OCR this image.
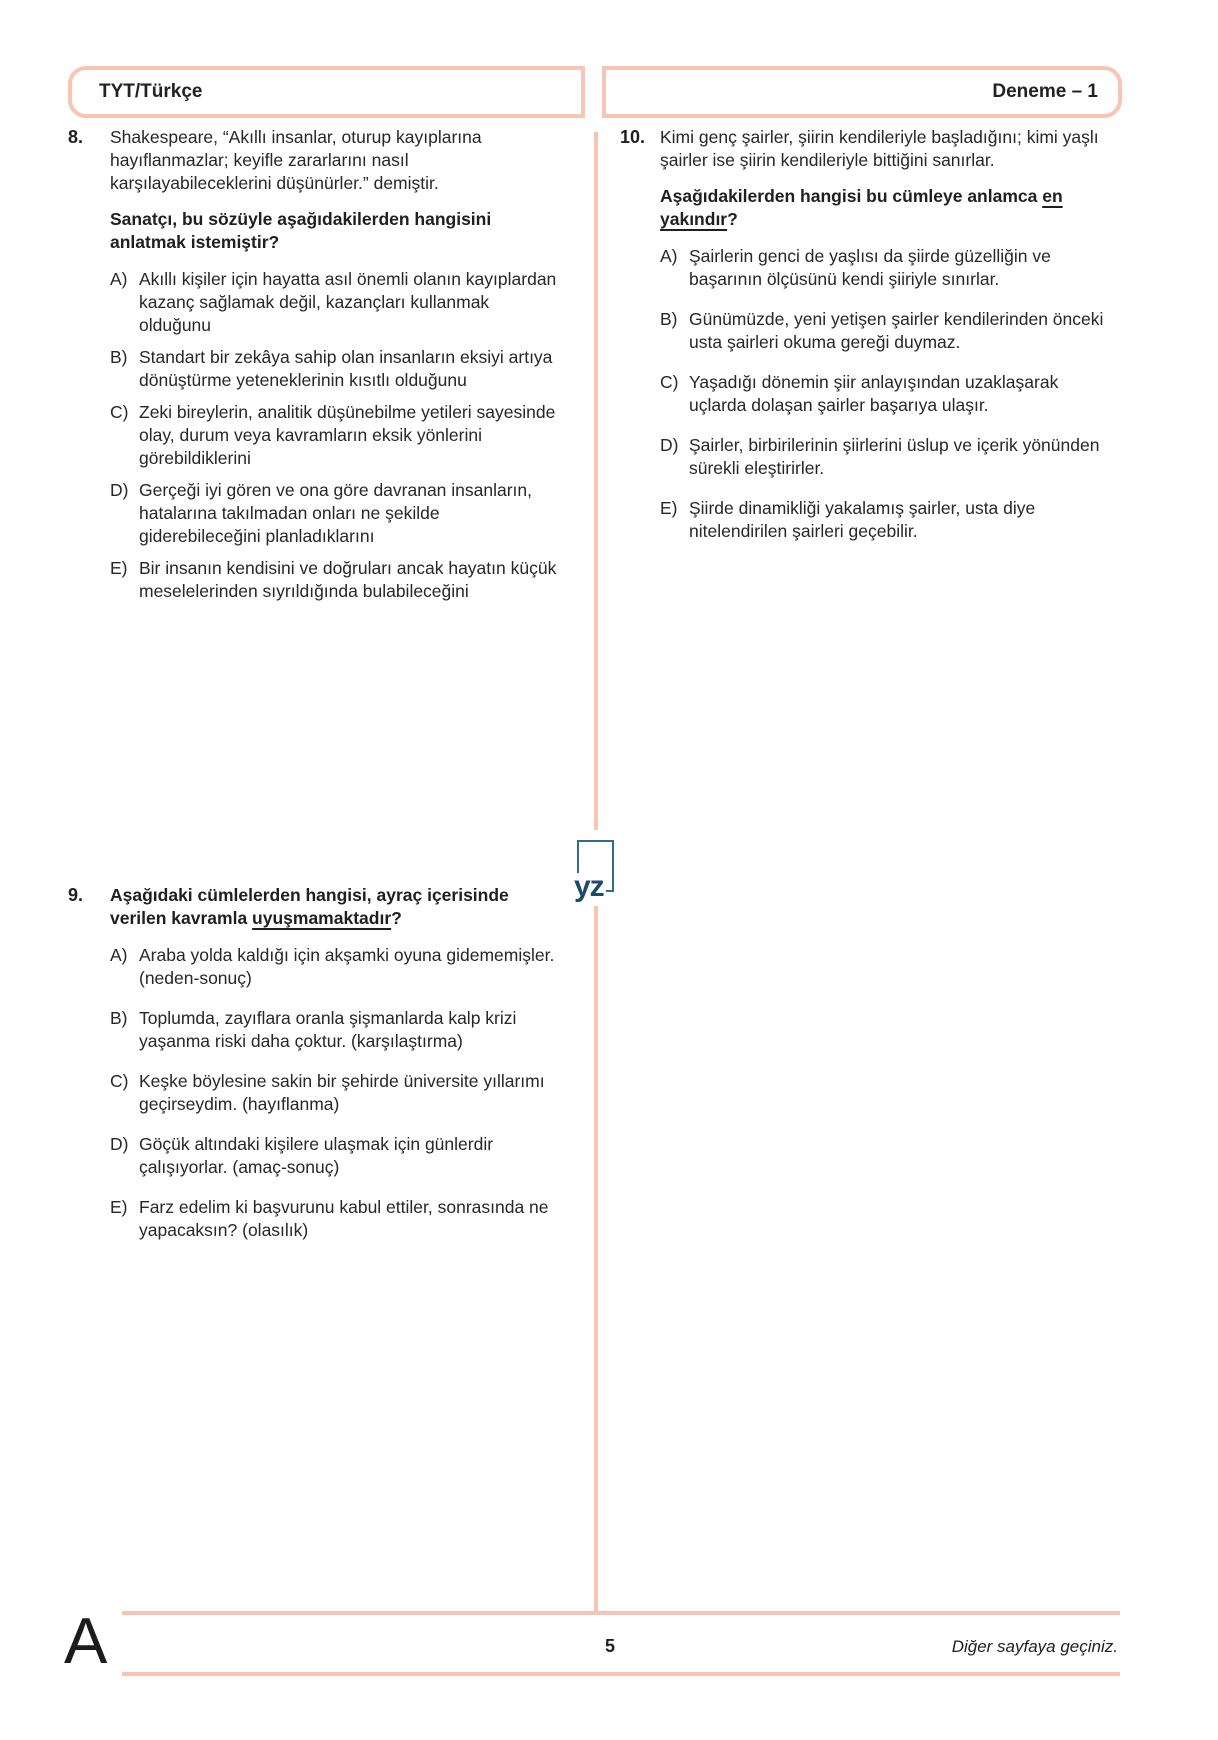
TYT/Türkçe	Deneme – 1
yz
8.	Shakespeare, “Akıllı insanlar, oturup kayıplarına hayıflanmazlar; keyifle zararlarını nasıl karşılayabileceklerini düşünürler.” demiştir.

Sanatçı, bu sözüyle aşağıdakilerden hangisini anlatmak istemiştir?

A) Akıllı kişiler için hayatta asıl önemli olanın kayıplardan kazanç sağlamak değil, kazançları kullanmak olduğunu
B) Standart bir zekâya sahip olan insanların eksiyi artıya dönüştürme yeteneklerinin kısıtlı olduğunu
C) Zeki bireylerin, analitik düşünebilme yetileri sayesinde olay, durum veya kavramların eksik yönlerini görebildiklerini
D) Gerçeği iyi gören ve ona göre davranan insanların, hatalarına takılmadan onları ne şekilde giderebileceğini planladıklarını
E) Bir insanın kendisini ve doğruları ancak hayatın küçük meselelerinden sıyrıldığında bulabileceğini
9.	Aşağıdaki cümlelerden hangisi, ayraç içerisinde verilen kavramla uyuşmamaktadır?

A) Araba yolda kaldığı için akşamki oyuna gidememişler. (neden-sonuç)
B) Toplumda, zayıflara oranla şişmanlarda kalp krizi yaşanma riski daha çoktur. (karşılaştırma)
C) Keşke böylesine sakin bir şehirde üniversite yıllarımı geçirseydim. (hayıflanma)
D) Göçük altındaki kişilere ulaşmak için günlerdir çalışıyorlar. (amaç-sonuç)
E) Farz edelim ki başvurunu kabul ettiler, sonrasında ne yapacaksın? (olasılık)
10. Kimi genç şairler, şiirin kendileriyle başladığını; kimi yaşlı şairler ise şiirin kendileriyle bittiğini sanırlar.

Aşağıdakilerden hangisi bu cümleye anlamca en yakındır?

A) Şairlerin genci de yaşlısı da şiirde güzelliğin ve başarının ölçüsünü kendi şiiriyle sınırlar.
B) Günümüzde, yeni yetişen şairler kendilerinden önceki usta şairleri okuma gereği duymaz.
C) Yaşadığı dönemin şiir anlayışından uzaklaşarak uçlarda dolaşan şairler başarıya ulaşır.
D) Şairler, birbirilerinin şiirlerini üslup ve içerik yönünden sürekli eleştirirler.
E) Şiirde dinamikliği yakalamış şairler, usta diye nitelendirilen şairleri geçebilir.
A	5	Diğer sayfaya geçiniz.
